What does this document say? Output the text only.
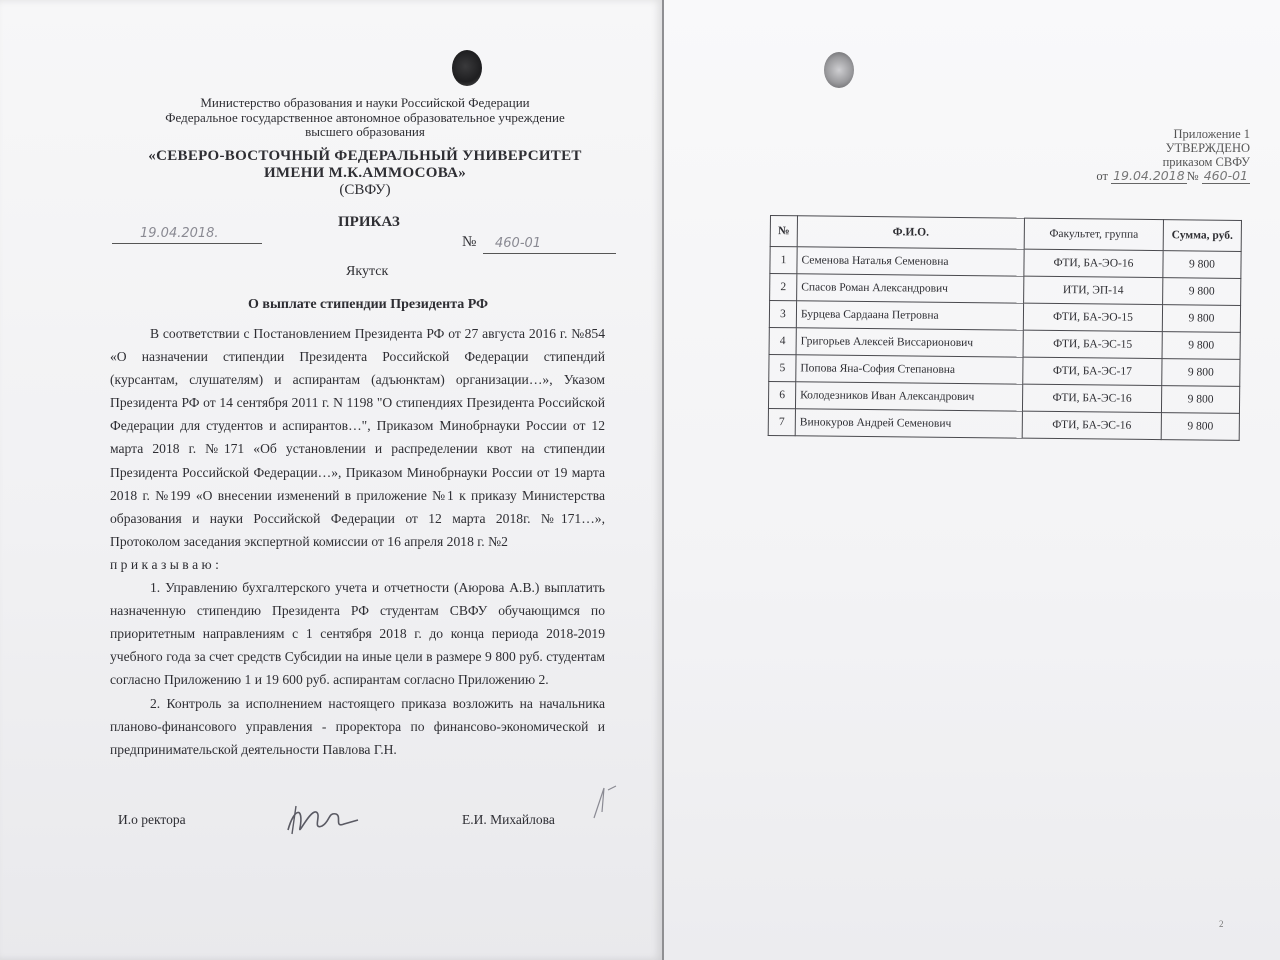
Министерство образования и науки Российской Федерации
Федеральное государственное автономное образовательное учреждение
высшего образования
«СЕВЕРО-ВОСТОЧНЫЙ ФЕДЕРАЛЬНЫЙ УНИВЕРСИТЕТ
ИМЕНИ М.К.АММОСОВА»
(СВФУ)
ПРИКАЗ
19.04.2018.
№	460-01
Якутск
О выплате стипендии Президента РФ

В соответствии с Постановлением Президента РФ от 27 августа 2016 г. №854 «О назначении стипендии Президента Российской Федерации стипендий (курсантам, слушателям) и аспирантам (адъюнктам) организации…», Указом Президента РФ от 14 сентября 2011 г. N 1198 "О стипендиях Президента Российской Федерации для студентов и аспирантов…", Приказом Минобрнауки России от 12 марта 2018 г. №171 «Об установлении и распределении квот на стипендии Президента Российской Федерации…», Приказом Минобрнауки России от 19 марта 2018 г. №199 «О внесении изменений в приложение №1 к приказу Министерства образования и науки Российской Федерации от 12 марта 2018г. №171…», Протоколом заседания экспертной комиссии от 16 апреля 2018 г. №2

п р и к а з ы в а ю :

1. Управлению бухгалтерского учета и отчетности (Аюрова А.В.) выплатить назначенную стипендию Президента РФ студентам СВФУ обучающимся по приоритетным направлениям с 1 сентября 2018 г. до конца периода 2018-2019 учебного года за счет средств Субсидии на иные цели в размере 9 800 руб. студентам согласно Приложению 1 и 19 600 руб. аспирантам согласно Приложению 2.

2. Контроль за исполнением настоящего приказа возложить на начальника планово-финансового управления - проректора по финансово-экономической и предпринимательской деятельности Павлова Г.Н.

И.о ректора	Е.И. Михайлова
Приложение 1
УТВЕРЖДЕНО
приказом СВФУ
от 19.04.2018 № 460-01
№	Ф.И.О.	Факультет, группа	Сумма, руб.
1	Семенова Наталья Семеновна	ФТИ, БА-ЭО-16	9 800
2	Спасов Роман Александрович	ИТИ, ЭП-14	9 800
3	Бурцева Сардаана Петровна	ФТИ, БА-ЭО-15	9 800
4	Григорьев Алексей Виссарионович	ФТИ, БА-ЭС-15	9 800
5	Попова Яна-София Степановна	ФТИ, БА-ЭС-17	9 800
6	Колодезников Иван Александрович	ФТИ, БА-ЭС-16	9 800
7	Винокуров Андрей Семенович	ФТИ, БА-ЭС-16	9 800
2
